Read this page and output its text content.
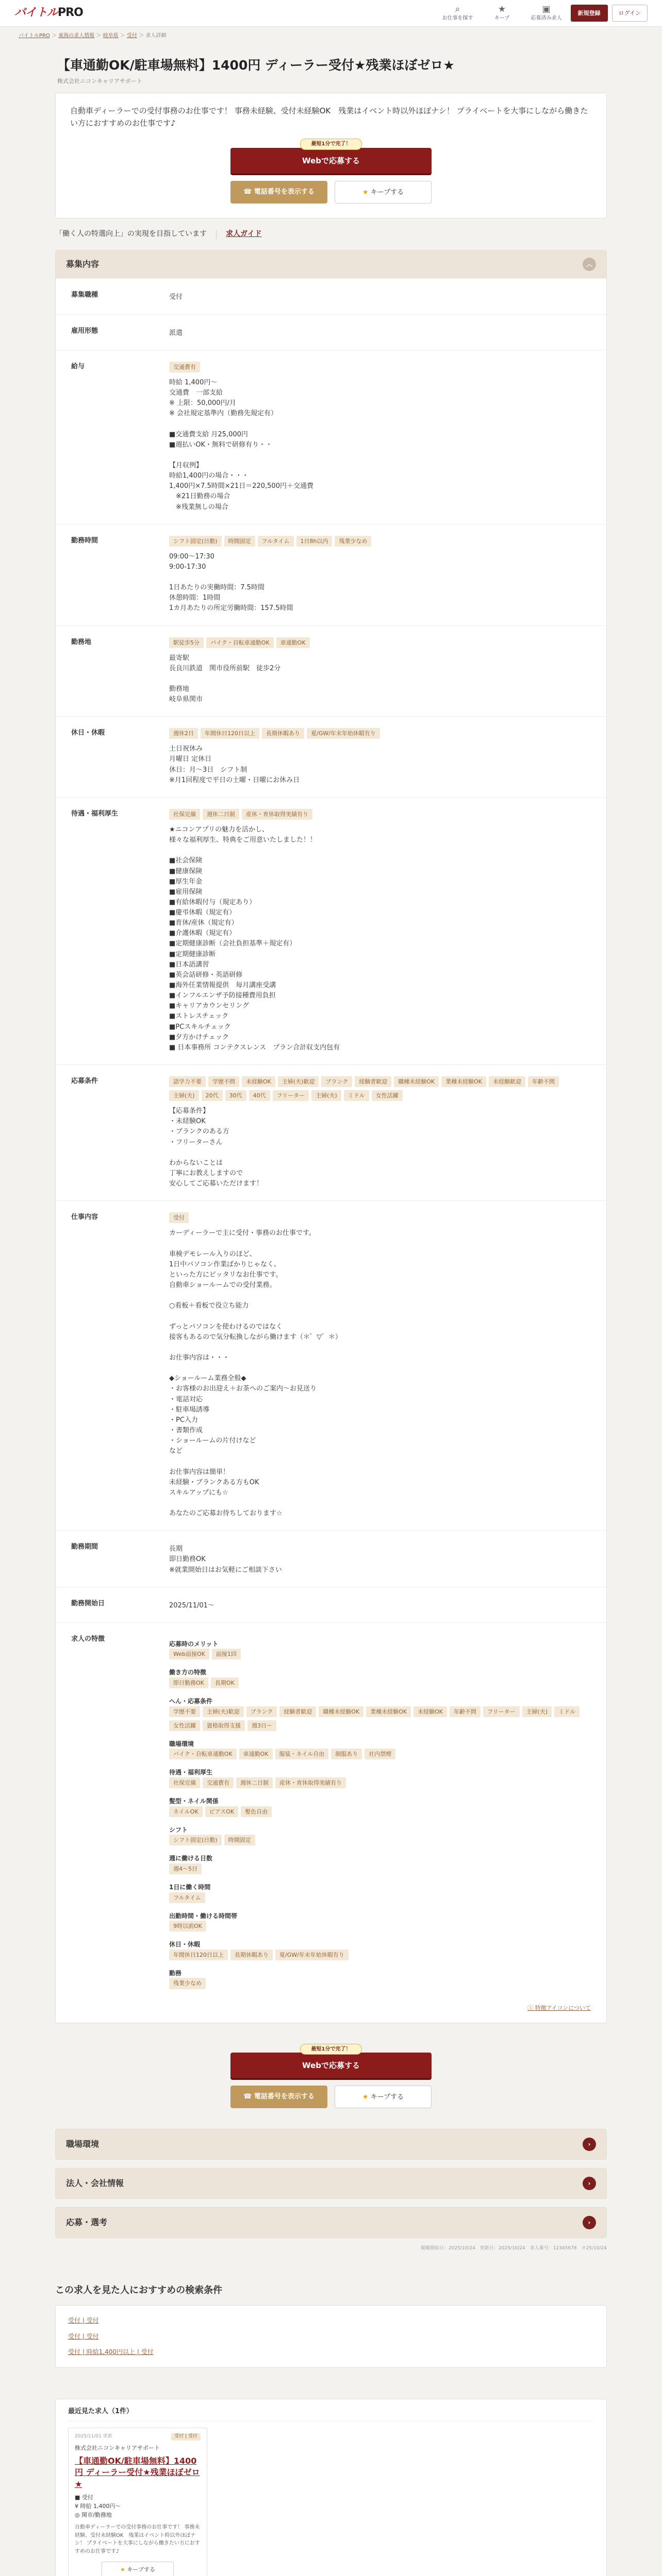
バイトルPRO	⌕
お仕事を探す
★
キープ
▣
応募済み求人
新規登録	ログイン
バイトルPRO ＞ 東海の求人情報 ＞ 岐阜県 ＞ 受付 ＞ 求人詳細
【車通勤OK/駐車場無料】1400円 ディーラー受付★残業ほぼゼロ★
株式会社ニコンキャリアサポート

自動車ディーラーでの受付事務のお仕事です！ 事務未経験、受付未経験OK　残業はイベント時以外ほぼナシ！ プライベートを大事にしながら働きたい方におすすめのお仕事です♪

最短1分で完了！
Webで応募する
☎ 電話番号を表示する	★ キープする
「働く人の特選向上」の実現を目指しています	求人ガイド
募集内容	︿
募集職種	受付
雇用形態	派遣
給与	交通費有
時給 1,400円〜
交通費　一部支給
※ 上限：50,000円/月
※ 会社規定基準内（勤務先規定有）

■交通費支給 月25,000円
■週払いOK・無料で研修有り・・

【月収例】
時給1,400円の場合・・・
1,400円×7.5時間×21日＝220,500円＋交通費
　※21日勤務の場合
　※残業無しの場合
勤務時間	シフト固定(日勤) 時間固定 フルタイム 1日8h以内 残業少なめ
09:00〜17:30
9:00-17:30

1日あたりの実働時間：7.5時間
休憩時間：1時間
1カ月あたりの所定労働時間：157.5時間
勤務地	駅徒歩5分 バイク・自転車通勤OK 車通勤OK
最寄駅
長良川鉄道　関市役所前駅　徒歩2分

勤務地
岐阜県関市
休日・休暇	週休2日 年間休日120日以上 長期休暇あり 夏/GW/年末年始休暇有り
土日祝休み
月曜日 定休日
休日：月〜3日　シフト制
※月1回程度で平日の土曜・日曜にお休み日
待遇・福利厚生	社保完備 週休二日制 産休・育休取得実績有り
★ニコンアプリの魅力を活かし、
様々な福利厚生、特典をご用意いたしました！！

■社会保険
■健康保険
■厚生年金
■雇用保険
■有給休暇付与（規定あり）
■慶弔休暇（規定有）
■育休/産休（規定有）
■介護休暇（規定有）
■定期健康診断（会社負担基準＋規定有）
■定期健康診断
■日本語講習
■英会話研修・英語研修
■海外任業情報提供　毎月講座受講
■インフルエンザ予防接種費用負担
■キャリアカウンセリング
■ストレスチェック
■PCスキルチェック
■夕方かけチェック
■ 日本事務所 コンテクスレンス　プラン合計収支内包有
応募条件	語学力不要 学歴不問 未経験OK 主婦(夫)歓迎 ブランク 経験者歓迎 職種未経験OK 業種未経験OK 未経験歓迎 年齢不問主婦(夫) 20代 30代 40代 フリーター 主婦(夫) ミドル 女性活躍
【応募条件】
・未経験OK
・ブランクのある方
・フリーターさん

わからないことは
丁寧にお教えしますので
安心してご応募いただけます！
仕事内容	受付
カーディーラーで主に受付・事務のお仕事です。

車検デモレール入りのほど、
1日中パソコン作業ばかりじゃなく、
といった方にピッタリなお仕事です。
自動車ショールームでの受付業務。

○看板＋看板で役立ち能力

ずっとパソコンを使わけるのではなく
接客もあるので気分転換しながら働けます（＊゜▽゜＊）

お仕事内容は・・・

◆ショールーム業務全般◆
・お客様のお出迎え＋お茶へのご案内〜お見送り
・電話対応
・駐車場誘導
・PC入力
・書類作成
・ショールームの片付けなど
など

お仕事内容は簡単！
未経験・ブランクある方もOK
スキルアップにも☆

あなたのご応募お待ちしております☆
勤務期間	長期
即日勤務OK
※就業開始日はお気軽にご相談下さい
勤務開始日	2025/11/01〜
求人の特徴
応募時のメリット
Web面接OK 面接1回
働き方の特徴
即日勤務OK 長期OK
へん・応募条件
学歴不要 主婦(夫)歓迎 ブランク 経験者歓迎 職種未経験OK 業種未経験OK 未経験OK 年齢不問 フリーター 主婦(夫) ミドル女性活躍 資格取得支援 週3日〜
職場環境
バイク・自転車通勤OK 車通勤OK 服装・ネイル自由 制服あり 社内禁煙
待遇・福利厚生
社保完備 交通費有 週休二日制 産休・育休取得実績有り
髪型・ネイル関係
ネイルOK ピアスOK 髪色自由
シフト
シフト固定(日勤) 時間固定
週に働ける日数
週4〜5日
1日に働く時間
フルタイム
出勤時間・働ける時間帯
9時以前OK
休日・休暇
年間休日120日以上 長期休暇あり 夏/GW/年末年始休暇有り
勤務
残業少なめ
ⓘ 特徴アイコンについて
最短1分で完了！
Webで応募する
☎ 電話番号を表示する	★ キープする
職場環境	›
法人・会社情報	›
応募・選考	›
掲載開始日：2025/10/24　更新日：2025/10/24　求人番号：12345678　＃25/10/24
この求人を見た人におすすめの検索条件
受付 | 受付
受付 | 受付
受付 | 時給1,400円以上 | 受付
最近見た求人（1件）
2025/11/01 更新	受付 | 受付
株式会社ニコンキャリアサポート
【車通勤OK/駐車場無料】1400円 ディーラー受付★残業ほぼゼロ★
■ 受付
¥ 時給 1,400円〜
◎ 関市/勤務地

自動車ディーラーでの受付事務のお仕事です！ 事務未経験、受付未経験OK　残業はイベント時以外ほぼナシ！ プライベートを大事にしながら働きたい方におすすめのお仕事です♪

★ キープする
